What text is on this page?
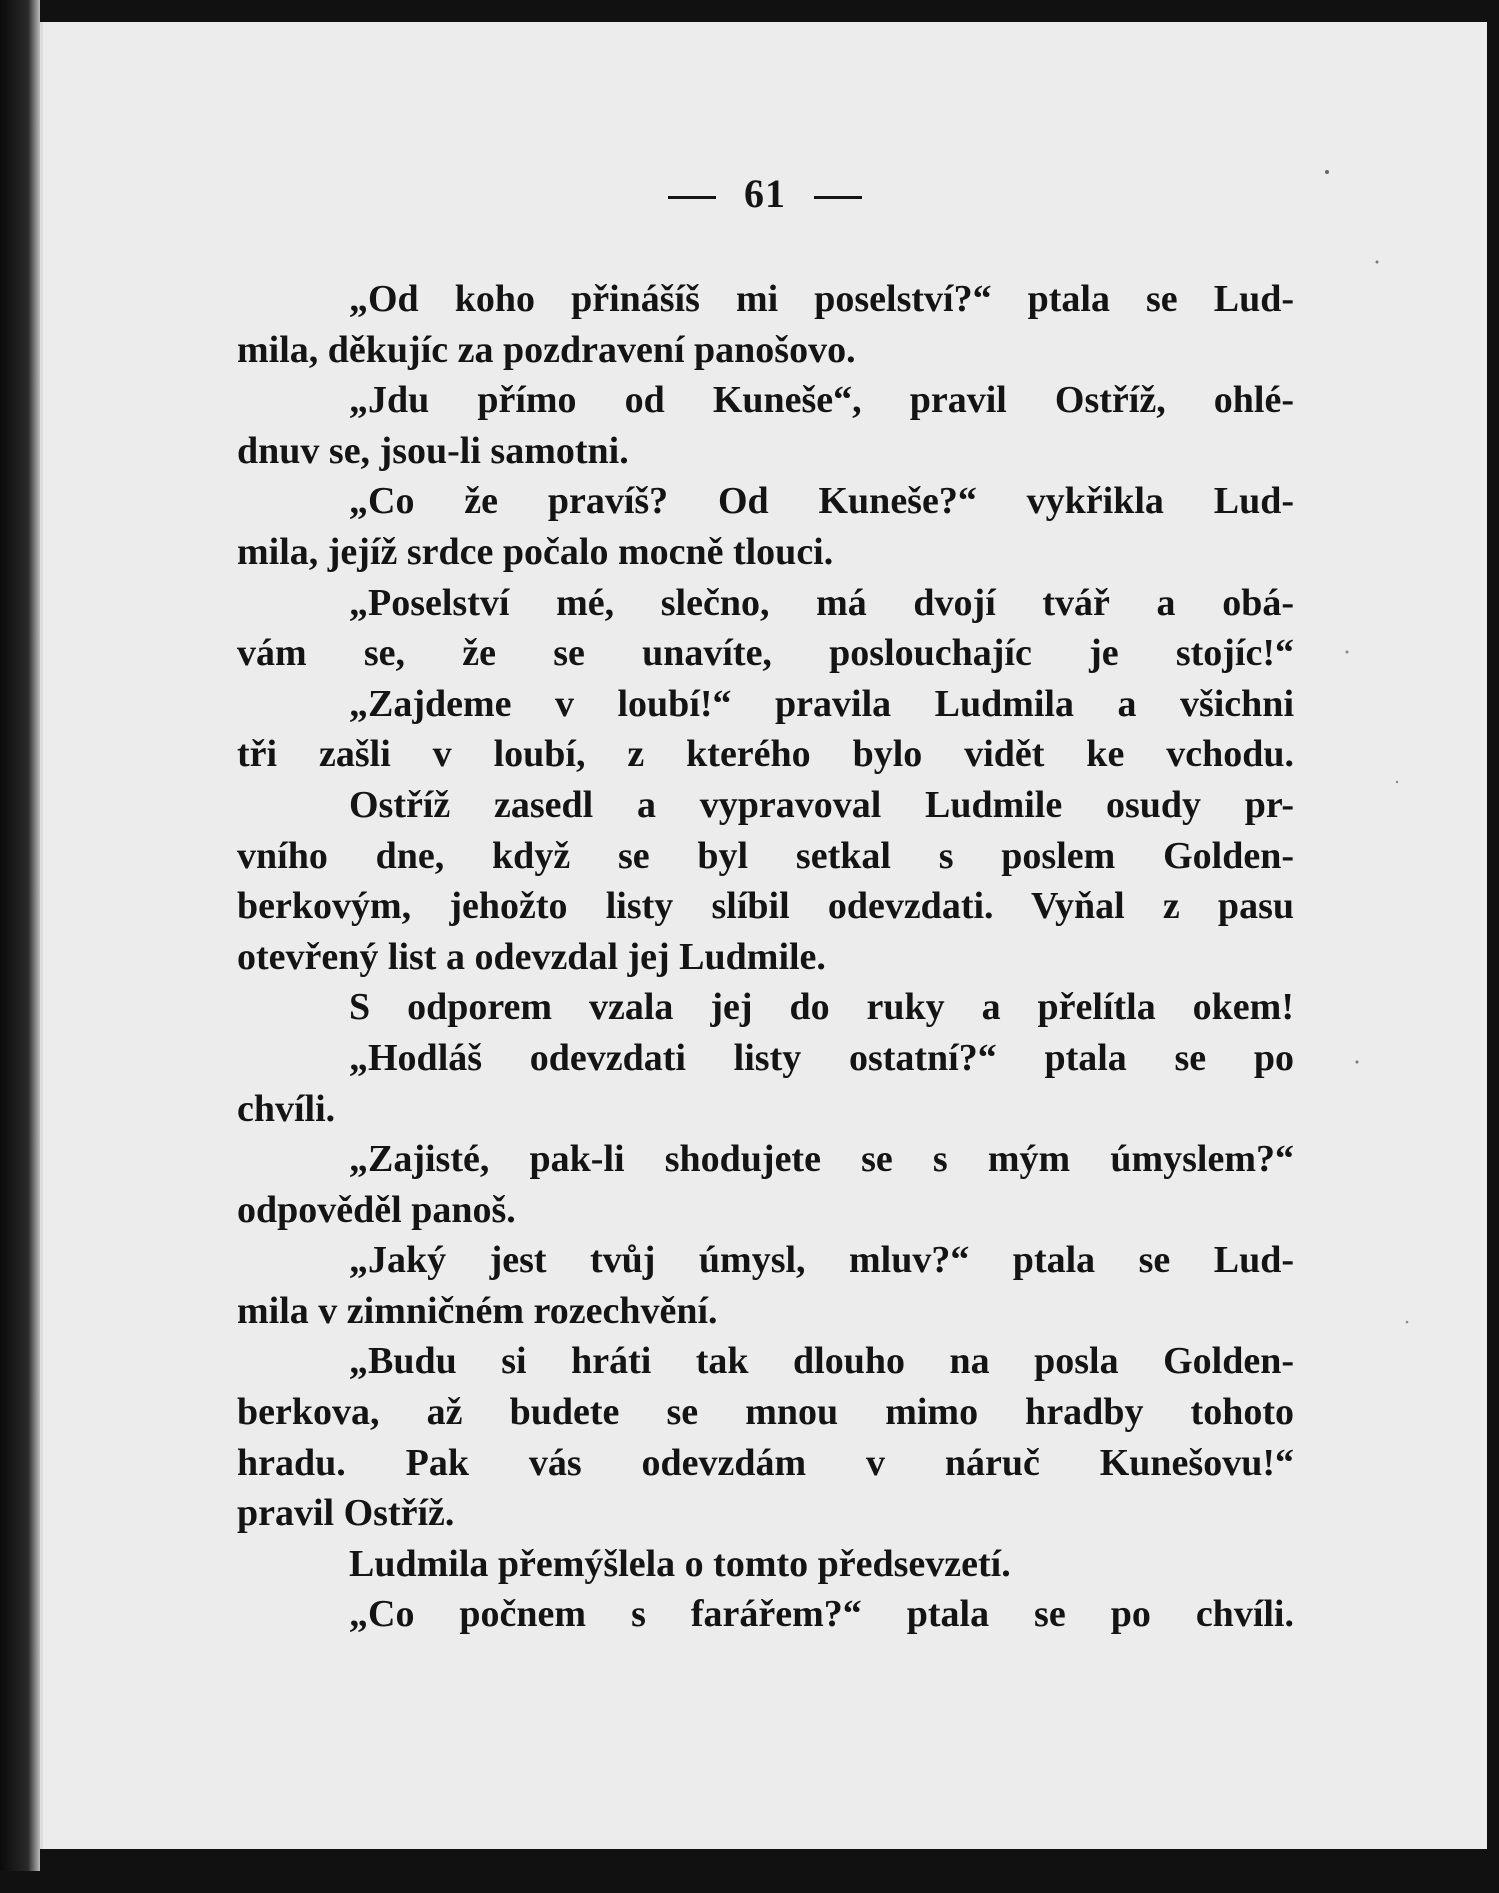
61
„Od koho přinášíš mi poselství?“ ptala se Lud-
mila, děkujíc za pozdravení panošovo.
„Jdu přímo od Kuneše“, pravil Ostříž, ohlé-
dnuv se, jsou-li samotni.
„Co že pravíš? Od Kuneše?“ vykřikla Lud-
mila, jejíž srdce počalo mocně tlouci.
„Poselství mé, slečno, má dvojí tvář a obá-
vám se, že se unavíte, poslouchajíc je stojíc!“
„Zajdeme v loubí!“ pravila Ludmila a všichni
tři zašli v loubí, z kterého bylo vidět ke vchodu.
Ostříž zasedl a vypravoval Ludmile osudy pr-
vního dne, když se byl setkal s poslem Golden-
berkovým, jehožto listy slíbil odevzdati. Vyňal z pasu
otevřený list a odevzdal jej Ludmile.
S odporem vzala jej do ruky a přelítla okem!
„Hodláš odevzdati listy ostatní?“ ptala se po
chvíli.
„Zajisté, pak-li shodujete se s mým úmyslem?“
odpověděl panoš.
„Jaký jest tvůj úmysl, mluv?“ ptala se Lud-
mila v zimničném rozechvění.
„Budu si hráti tak dlouho na posla Golden-
berkova, až budete se mnou mimo hradby tohoto
hradu. Pak vás odevzdám v náruč Kunešovu!“
pravil Ostříž.
Ludmila přemýšlela o tomto předsevzetí.
„Co počnem s farářem?“ ptala se po chvíli.
